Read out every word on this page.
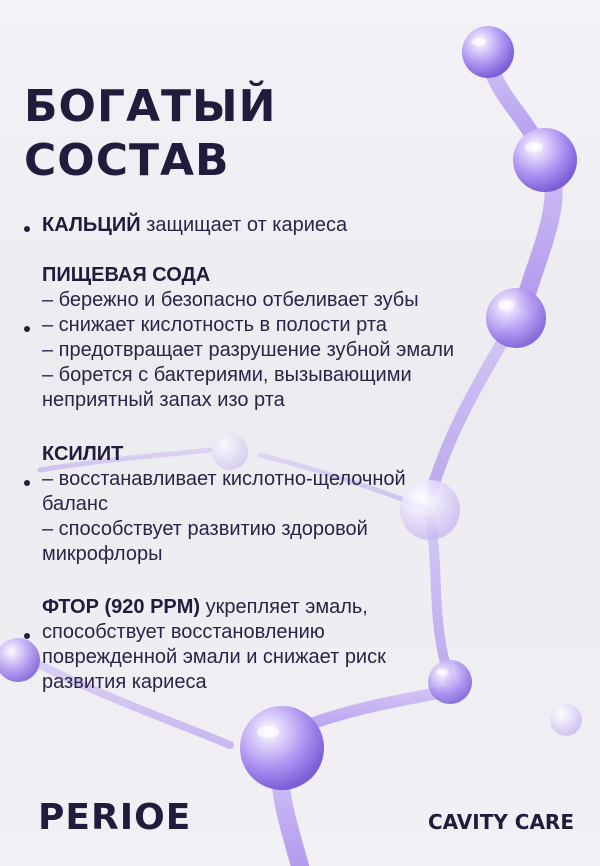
БОГАТЫЙ
СОСТАВ
КАЛЬЦИЙ защищает от кариеса
ПИЩЕВАЯ СОДА
– бережно и безопасно отбеливает зубы
– снижает кислотность в полости рта
– предотвращает разрушение зубной эмали
– борется с бактериями, вызывающими
неприятный запах изо рта
КСИЛИТ
– восстанавливает кислотно-щелочной
баланс
– способствует развитию здоровой
микрофлоры
ФТОР (920 PPM) укрепляет эмаль,
способствует восстановлению
поврежденной эмали и снижает риск
развития кариеса
PERIOE	CAVITY CARE
